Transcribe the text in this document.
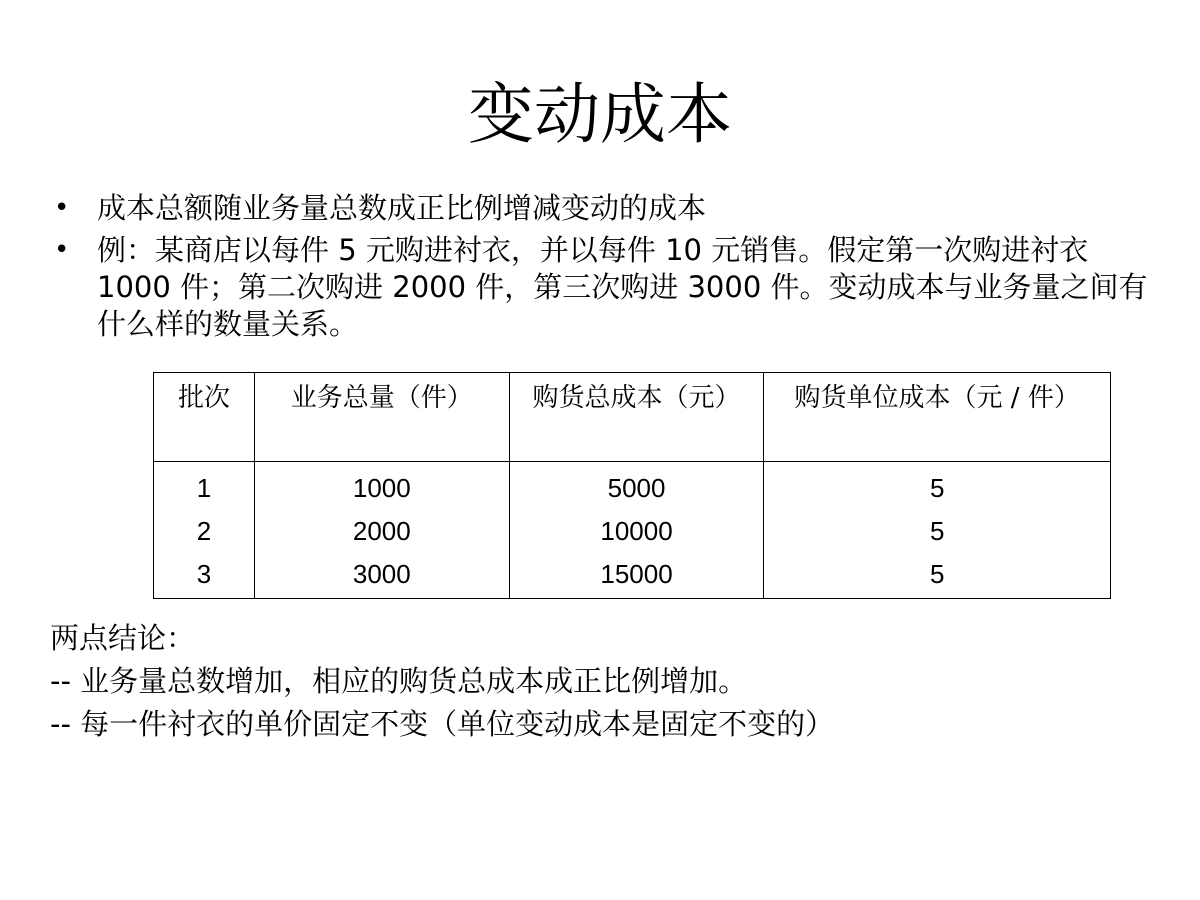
变动成本
• 成本总额随业务量总数成正比例增减变动的成本
• 例：某商店以每件 5 元购进衬衣，并以每件 10 元销售。假定第一次购进衬衣 1000 件；第二次购进 2000 件，第三次购进 3000 件。变动成本与业务量之间有什么样的数量关系。
批次	业务总量（件）	购货总成本（元）	购货单位成本（元 / 件）
1	1000	5000	5
2	2000	10000	5
3	3000	15000	5
两点结论：
-- 业务量总数增加，相应的购货总成本成正比例增加。
-- 每一件衬衣的单价固定不变（单位变动成本是固定不变的）
